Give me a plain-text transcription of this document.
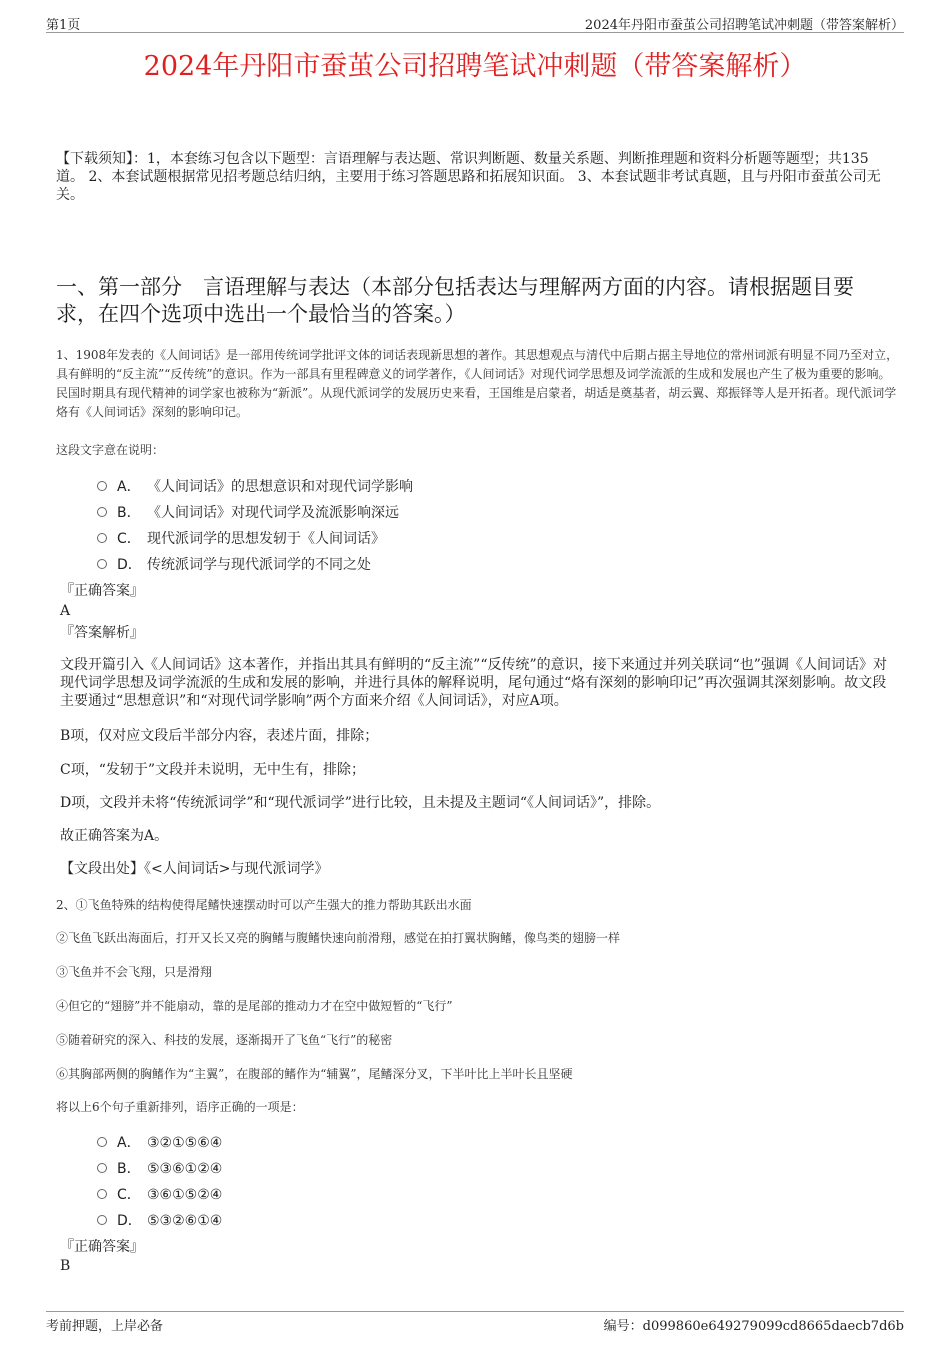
第1页	2024年丹阳市蚕茧公司招聘笔试冲刺题（带答案解析）
2024年丹阳市蚕茧公司招聘笔试冲刺题（带答案解析）
【下载须知】：1，本套练习包含以下题型：言语理解与表达题、常识判断题、数量关系题、判断推理题和资料分析题等题型；共135道。 2、本套试题根据常见招考题总结归纳，主要用于练习答题思路和拓展知识面。 3、本套试题非考试真题，且与丹阳市蚕茧公司无关。
一、第一部分　言语理解与表达（本部分包括表达与理解两方面的内容。请根据题目要求，在四个选项中选出一个最恰当的答案。）
1、1908年发表的《人间词话》是一部用传统词学批评文体的词话表现新思想的著作。其思想观点与清代中后期占据主导地位的常州词派有明显不同乃至对立，具有鲜明的“反主流”“反传统”的意识。作为一部具有里程碑意义的词学著作，《人间词话》对现代词学思想及词学流派的生成和发展也产生了极为重要的影响。民国时期具有现代精神的词学家也被称为“新派”。从现代派词学的发展历史来看，王国维是启蒙者，胡适是奠基者，胡云翼、郑振铎等人是开拓者。现代派词学烙有《人间词话》深刻的影响印记。
这段文字意在说明：
A． 《人间词话》的思想意识和对现代词学影响
B． 《人间词话》对现代词学及流派影响深远
C． 现代派词学的思想发轫于《人间词话》
D． 传统派词学与现代派词学的不同之处
『正确答案』
A
『答案解析』
文段开篇引入《人间词话》这本著作，并指出其具有鲜明的“反主流”“反传统”的意识，接下来通过并列关联词“也”强调《人间词话》对现代词学思想及词学流派的生成和发展的影响，并进行具体的解释说明，尾句通过“烙有深刻的影响印记”再次强调其深刻影响。故文段主要通过“思想意识”和“对现代词学影响”两个方面来介绍《人间词话》，对应A项。
B项，仅对应文段后半部分内容，表述片面，排除；
C项，“发轫于”文段并未说明，无中生有，排除；
D项，文段并未将“传统派词学”和“现代派词学”进行比较，且未提及主题词“《人间词话》”，排除。
故正确答案为A。
【文段出处】《<人间词话>与现代派词学》
2、①飞鱼特殊的结构使得尾鳍快速摆动时可以产生强大的推力帮助其跃出水面
②飞鱼飞跃出海面后，打开又长又亮的胸鳍与腹鳍快速向前滑翔，感觉在拍打翼状胸鳍，像鸟类的翅膀一样
③飞鱼并不会飞翔，只是滑翔
④但它的“翅膀”并不能扇动，靠的是尾部的推动力才在空中做短暂的“飞行”
⑤随着研究的深入、科技的发展，逐渐揭开了飞鱼“飞行”的秘密
⑥其胸部两侧的胸鳍作为“主翼”，在腹部的鳍作为“辅翼”，尾鳍深分叉，下半叶比上半叶长且坚硬
将以上6个句子重新排列，语序正确的一项是：
A． ③②①⑤⑥④
B． ⑤③⑥①②④
C． ③⑥①⑤②④
D． ⑤③②⑥①④
『正确答案』
B
考前押题，上岸必备	编号：d099860e649279099cd8665daecb7d6b
